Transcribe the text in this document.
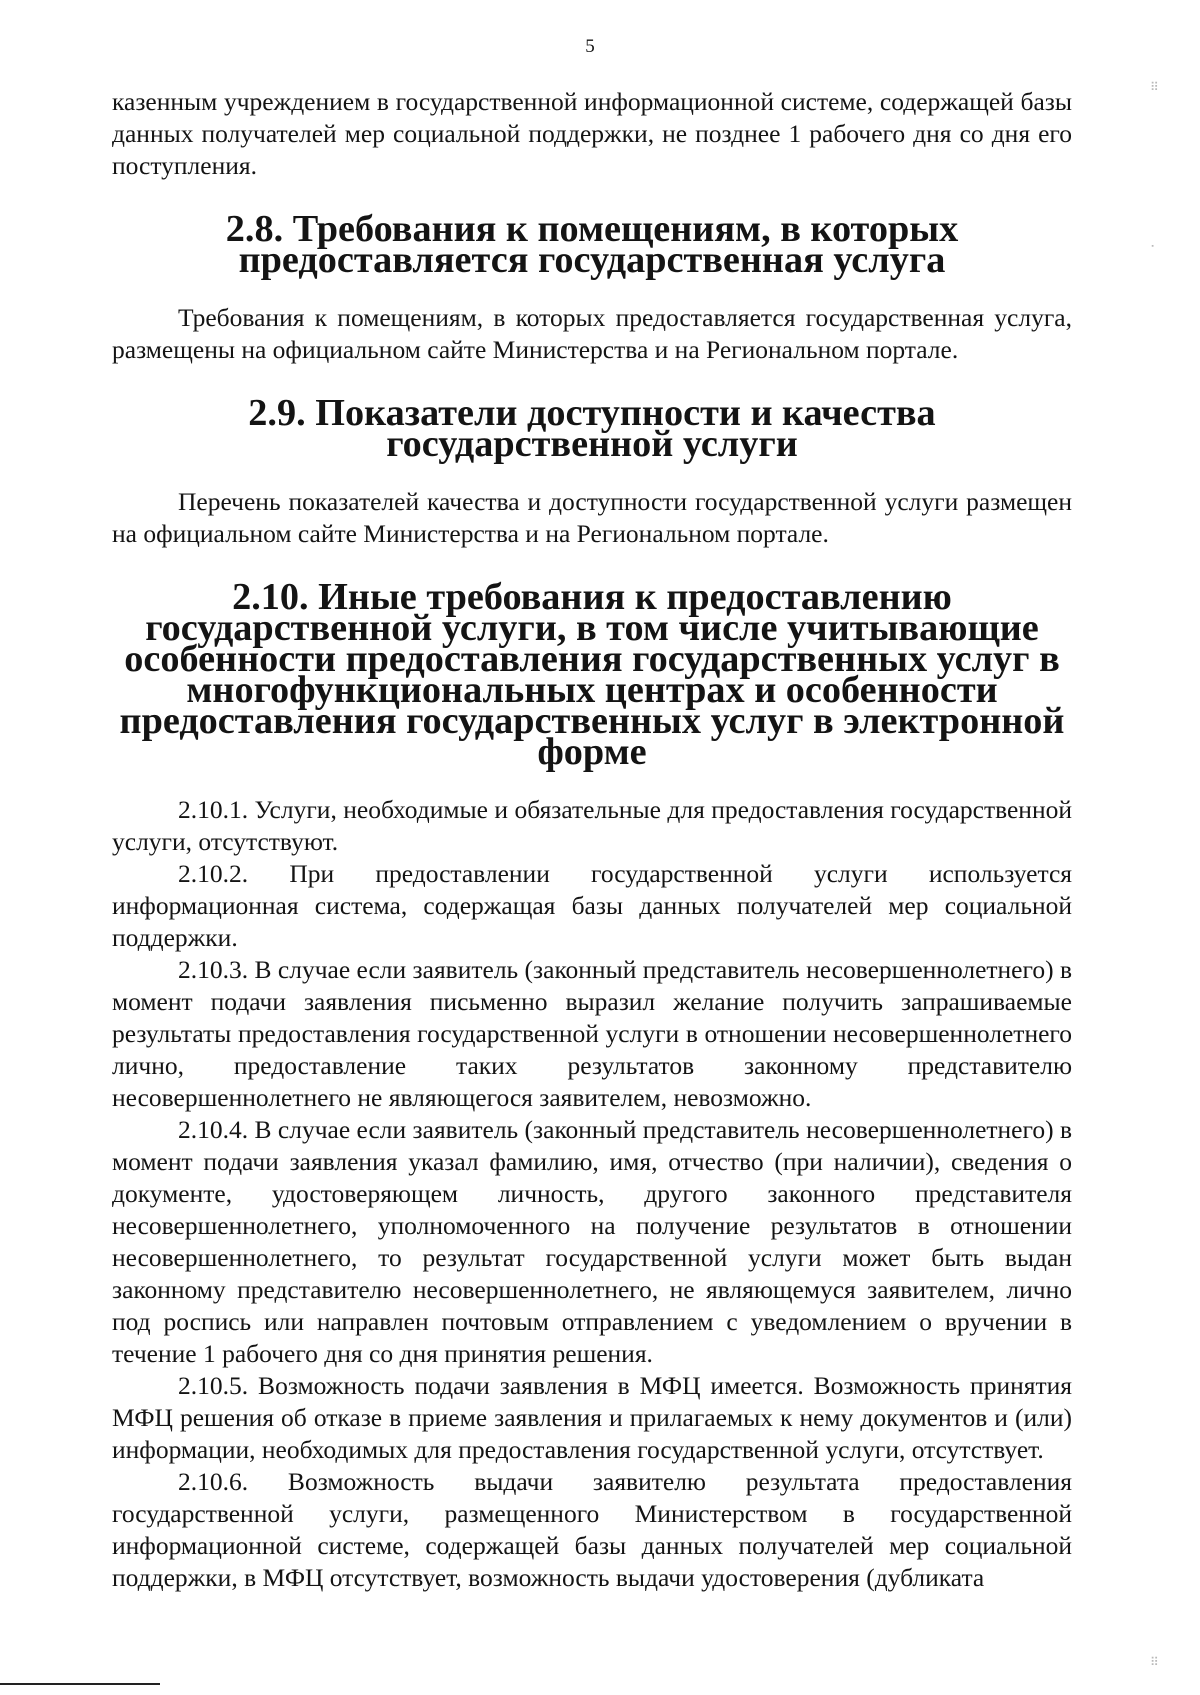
5

казенным учреждением в государственной информационной системе, содержащей базы данных получателей мер социальной поддержки, не позднее 1 рабочего дня со дня его поступления.

2.8. Требования к помещениям, в которых предоставляется государственная услуга

Требования к помещениям, в которых предоставляется государственная услуга, размещены на официальном сайте Министерства и на Региональном портале.

2.9. Показатели доступности и качества государственной услуги

Перечень показателей качества и доступности государственной услуги размещен на официальном сайте Министерства и на Региональном портале.

2.10. Иные требования к предоставлению государственной услуги, в том числе учитывающие особенности предоставления государственных услуг в многофункциональных центрах и особенности предоставления государственных услуг в электронной форме

2.10.1. Услуги, необходимые и обязательные для предоставления государственной услуги, отсутствуют.

2.10.2. При предоставлении государственной услуги используется информационная система, содержащая базы данных получателей мер социальной поддержки.

2.10.3. В случае если заявитель (законный представитель несовершеннолетнего) в момент подачи заявления письменно выразил желание получить запрашиваемые результаты предоставления государственной услуги в отношении несовершеннолетнего лично, предоставление таких результатов законному представителю несовершеннолетнего не являющегося заявителем, невозможно.

2.10.4. В случае если заявитель (законный представитель несовершеннолетнего) в момент подачи заявления указал фамилию, имя, отчество (при наличии), сведения о документе, удостоверяющем личность, другого законного представителя несовершеннолетнего, уполномоченного на получение результатов в отношении несовершеннолетнего, то результат государственной услуги может быть выдан законному представителю несовершеннолетнего, не являющемуся заявителем, лично под роспись или направлен почтовым отправлением с уведомлением о вручении в течение 1 рабочего дня со дня принятия решения.

2.10.5. Возможность подачи заявления в МФЦ имеется. Возможность принятия МФЦ решения об отказе в приеме заявления и прилагаемых к нему документов и (или) информации, необходимых для предоставления государственной услуги, отсутствует.

2.10.6. Возможность выдачи заявителю результата предоставления государственной услуги, размещенного Министерством в государственной информационной системе, содержащей базы данных получателей мер социальной поддержки, в МФЦ отсутствует, возможность выдачи удостоверения (дубликата

⠿
⠂
⠿
